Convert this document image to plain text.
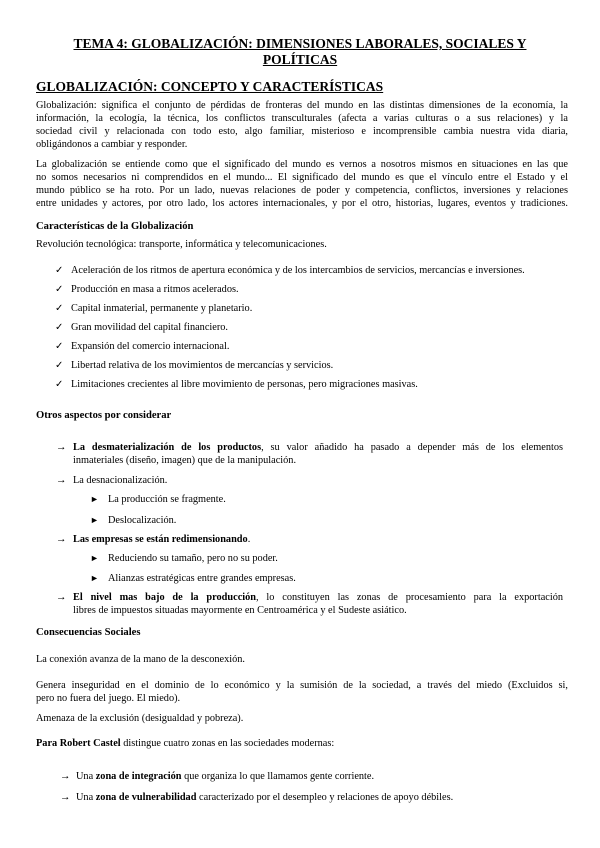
TEMA 4: GLOBALIZACIÓN: DIMENSIONES LABORALES, SOCIALES Y POLÍTICAS
GLOBALIZACIÓN: CONCEPTO Y CARACTERÍSTICAS
Globalización: significa el conjunto de pérdidas de fronteras del mundo en las distintas dimensiones de la economía, la
información, la ecología, la técnica, los conflictos transculturales (afecta a varias culturas o a sus relaciones) y la
sociedad civil y relacionada con todo esto, algo familiar, misterioso e incomprensible cambia nuestra vida diaria,
obligándonos a cambiar y responder.
La globalización se entiende como que el significado del mundo es vernos a nosotros mismos en situaciones en las que
no somos necesarios ni comprendidos en el mundo... El significado del mundo es que el vínculo entre el Estado y el
mundo público se ha roto. Por un lado, nuevas relaciones de poder y competencia, conflictos, inversiones y relaciones
entre unidades y actores, por otro lado, los actores internacionales, y por el otro, historias, lugares, eventos y tradiciones.
Características de la Globalización
Revolución tecnológica: transporte, informática y telecomunicaciones.
✓ Aceleración de los ritmos de apertura económica y de los intercambios de servicios, mercancías e inversiones.
✓ Producción en masa a ritmos acelerados.
✓ Capital inmaterial, permanente y planetario.
✓ Gran movilidad del capital financiero.
✓ Expansión del comercio internacional.
✓ Libertad relativa de los movimientos de mercancías y servicios.
✓ Limitaciones crecientes al libre movimiento de personas, pero migraciones masivas.
Otros aspectos por considerar
→ La desmaterialización de los productos, su valor añadido ha pasado a depender más de los elementos
inmateriales (diseño, imagen) que de la manipulación.
→ La desnacionalización.
► La producción se fragmente.
► Deslocalización.
→ Las empresas se están redimensionando.
► Reduciendo su tamaño, pero no su poder.
► Alianzas estratégicas entre grandes empresas.
→ El nivel mas bajo de la producción, lo constituyen las zonas de procesamiento para la exportación
libres de impuestos situadas mayormente en Centroamérica y el Sudeste asiático.
Consecuencias Sociales
La conexión avanza de la mano de la desconexión.
Genera inseguridad en el dominio de lo económico y la sumisión de la sociedad, a través del miedo (Excluidos si,
pero no fuera del juego. El miedo).
Amenaza de la exclusión (desigualdad y pobreza).
Para Robert Castel distingue cuatro zonas en las sociedades modernas:
→ Una zona de integración que organiza lo que llamamos gente corriente.
→ Una zona de vulnerabilidad caracterizado por el desempleo y relaciones de apoyo débiles.
